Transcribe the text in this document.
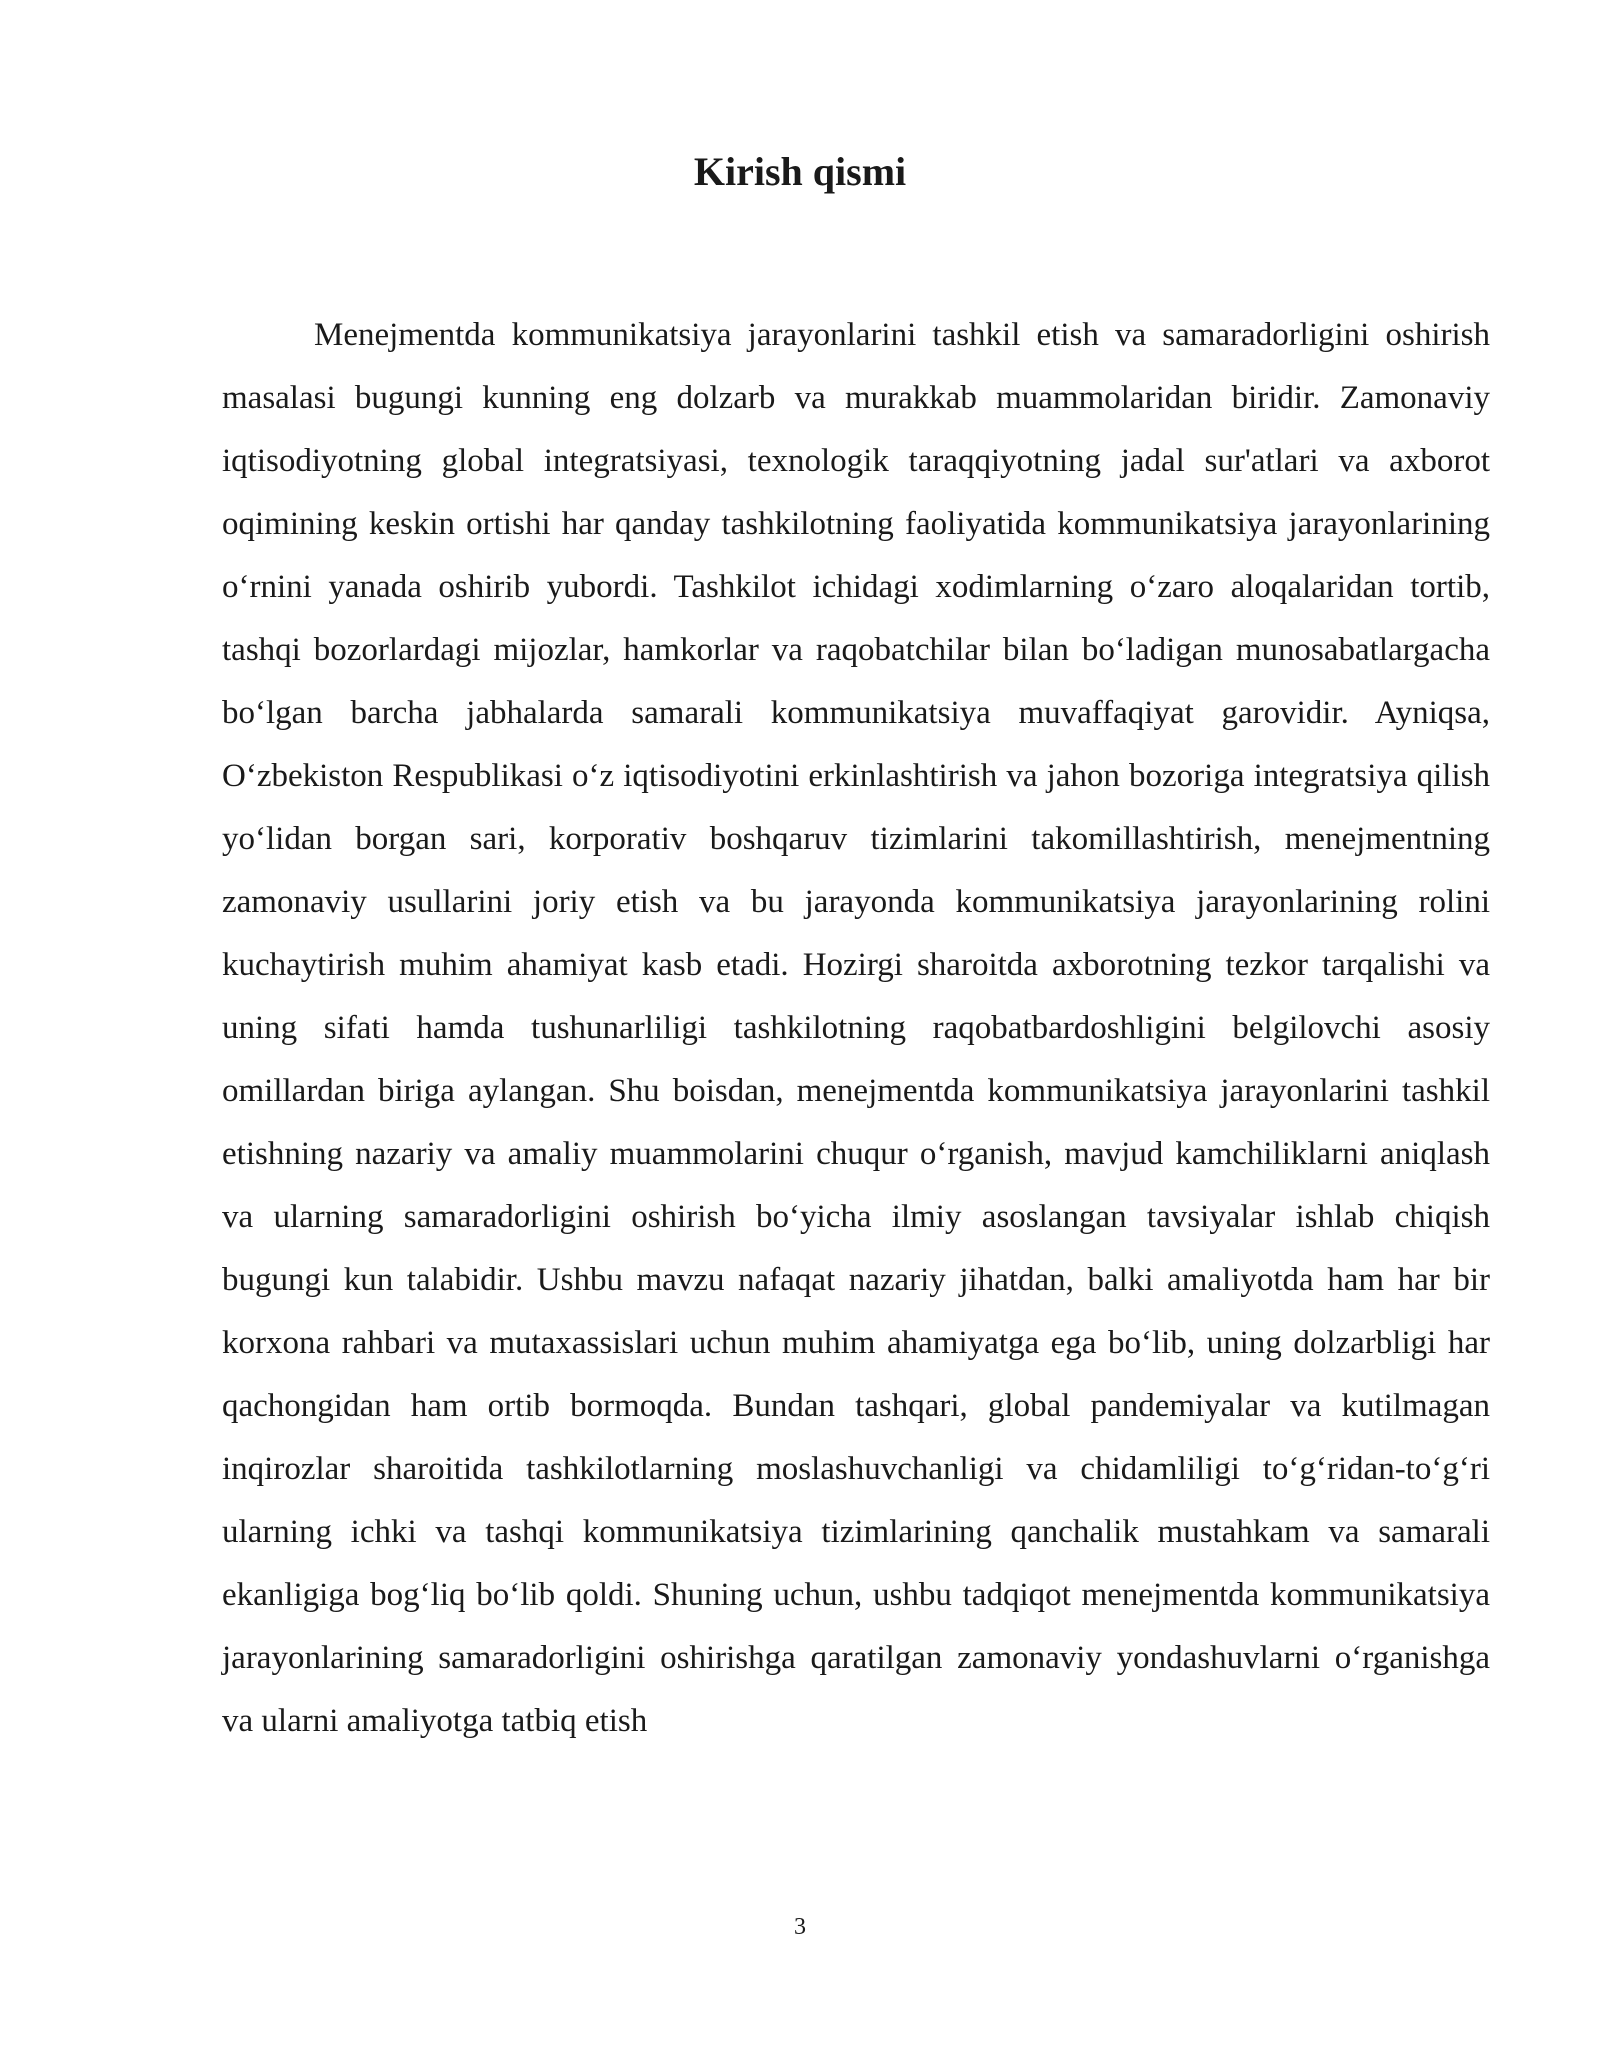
Kirish qismi

Menejmentda kommunikatsiya jarayonlarini tashkil etish va samaradorligini oshirish masalasi bugungi kunning eng dolzarb va murakkab muammolaridan biridir. Zamonaviy iqtisodiyotning global integratsiyasi, texnologik taraqqiyotning jadal sur'atlari va axborot oqimining keskin ortishi har qanday tashkilotning faoliyatida kommunikatsiya jarayonlarining o‘rnini yanada oshirib yubordi. Tashkilot ichidagi xodimlarning o‘zaro aloqalaridan tortib, tashqi bozorlardagi mijozlar, hamkorlar va raqobatchilar bilan bo‘ladigan munosabatlargacha bo‘lgan barcha jabhalarda samarali kommunikatsiya muvaffaqiyat garovidir. Ayniqsa, O‘zbekiston Respublikasi o‘z iqtisodiyotini erkinlashtirish va jahon bozoriga integratsiya qilish yo‘lidan borgan sari, korporativ boshqaruv tizimlarini takomillashtirish, menejmentning zamonaviy usullarini joriy etish va bu jarayonda kommunikatsiya jarayonlarining rolini kuchaytirish muhim ahamiyat kasb etadi. Hozirgi sharoitda axborotning tezkor tarqalishi va uning sifati hamda tushunarliligi tashkilotning raqobatbardoshligini belgilovchi asosiy omillardan biriga aylangan. Shu boisdan, menejmentda kommunikatsiya jarayonlarini tashkil etishning nazariy va amaliy muammolarini chuqur o‘rganish, mavjud kamchiliklarni aniqlash va ularning samaradorligini oshirish bo‘yicha ilmiy asoslangan tavsiyalar ishlab chiqish bugungi kun talabidir. Ushbu mavzu nafaqat nazariy jihatdan, balki amaliyotda ham har bir korxona rahbari va mutaxassislari uchun muhim ahamiyatga ega bo‘lib, uning dolzarbligi har qachongidan ham ortib bormoqda. Bundan tashqari, global pandemiyalar va kutilmagan inqirozlar sharoitida tashkilotlarning moslashuvchanligi va chidamliligi to‘g‘ridan-to‘g‘ri ularning ichki va tashqi kommunikatsiya tizimlarining qanchalik mustahkam va samarali ekanligiga bog‘liq bo‘lib qoldi. Shuning uchun, ushbu tadqiqot menejmentda kommunikatsiya jarayonlarining samaradorligini oshirishga qaratilgan zamonaviy yondashuvlarni o‘rganishga va ularni amaliyotga tatbiq etish

3
